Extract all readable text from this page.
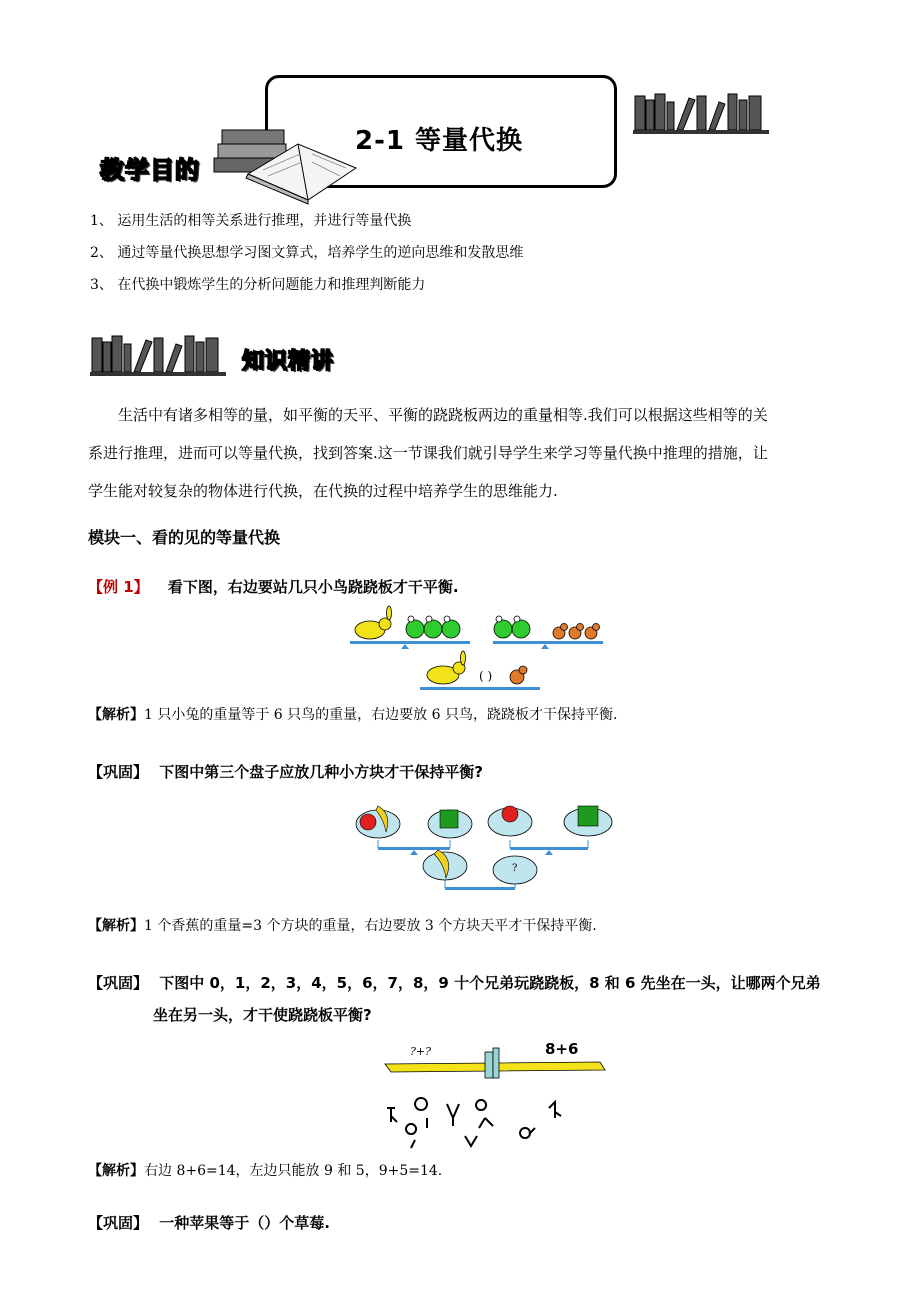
2-1 等量代换
教学目的
1、 运用生活的相等关系进行推理，并进行等量代换
2、 通过等量代换思想学习图文算式，培养学生的逆向思维和发散思维
3、 在代换中锻炼学生的分析问题能力和推理判断能力
知识精讲
生活中有诸多相等的量，如平衡的天平、平衡的跷跷板两边的重量相等.我们可以根据这些相等的关
系进行推理，进而可以等量代换，找到答案.这一节课我们就引导学生来学习等量代换中推理的措施，让
学生能对较复杂的物体进行代换，在代换的过程中培养学生的思维能力.
模块一、看的见的等量代换
【例 1】 看下图，右边要站几只小鸟跷跷板才干平衡.
( )
【解析】1 只小兔的重量等于 6 只鸟的重量，右边要放 6 只鸟，跷跷板才干保持平衡.
【巩固】 下图中第三个盘子应放几种小方块才干保持平衡?
?
【解析】1 个香蕉的重量=3 个方块的重量，右边要放 3 个方块天平才干保持平衡.
【巩固】 下图中 0，1，2，3，4，5，6，7，8，9 十个兄弟玩跷跷板，8 和 6 先坐在一头，让哪两个兄弟
坐在另一头，才干使跷跷板平衡?
?+?	8+6
【解析】右边 8+6=14，左边只能放 9 和 5，9+5=14.
【巩固】 一种苹果等于（）个草莓.
